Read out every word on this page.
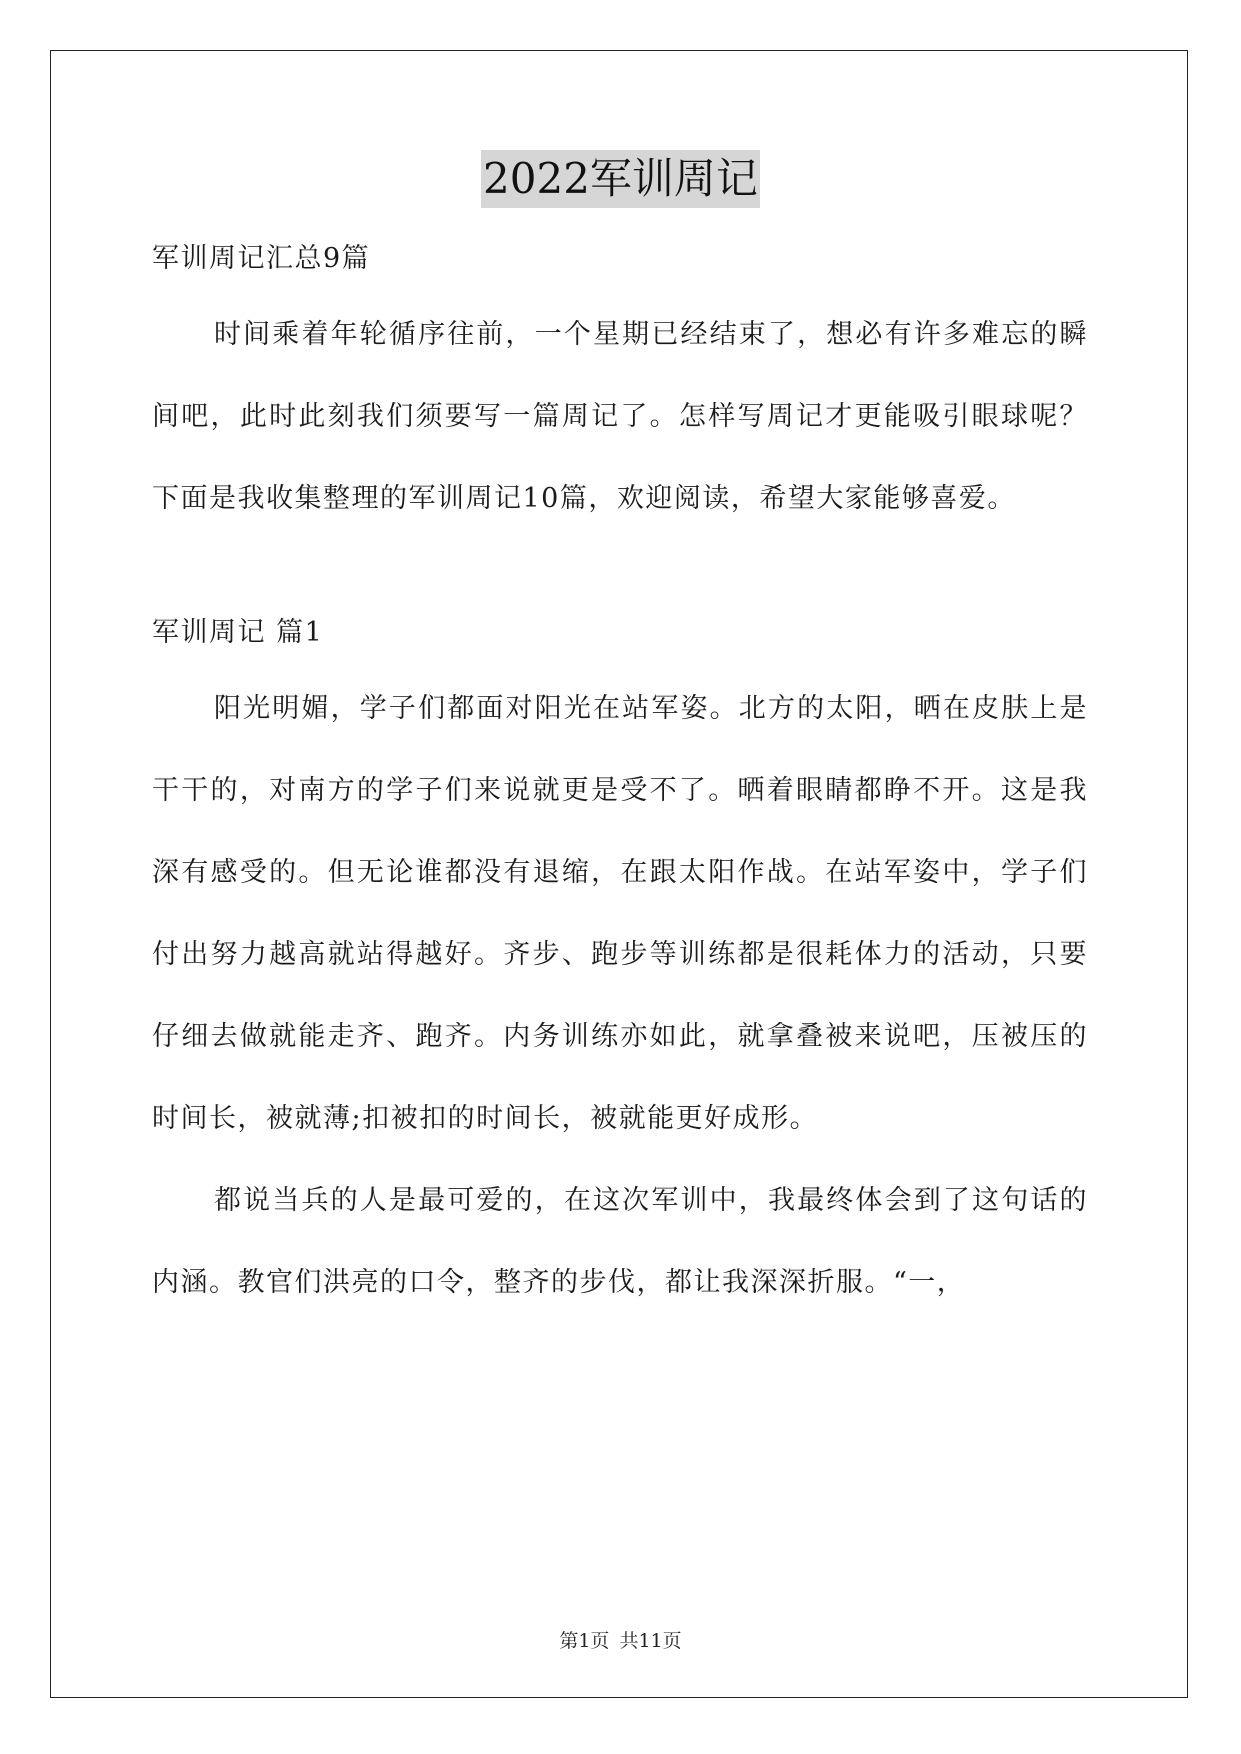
2022军训周记
军训周记汇总9篇

时间乘着年轮循序往前，一个星期已经结束了，想必有许多难忘的瞬间吧，此时此刻我们须要写一篇周记了。怎样写周记才更能吸引眼球呢？下面是我收集整理的军训周记10篇，欢迎阅读，希望大家能够喜爱。

军训周记 篇1

阳光明媚，学子们都面对阳光在站军姿。北方的太阳，晒在皮肤上是干干的，对南方的学子们来说就更是受不了。晒着眼睛都睁不开。这是我深有感受的。但无论谁都没有退缩，在跟太阳作战。在站军姿中，学子们付出努力越高就站得越好。齐步、跑步等训练都是很耗体力的活动，只要仔细去做就能走齐、跑齐。内务训练亦如此，就拿叠被来说吧，压被压的时间长，被就薄;扣被扣的时间长，被就能更好成形。

都说当兵的人是最可爱的，在这次军训中，我最终体会到了这句话的内涵。教官们洪亮的口令，整齐的步伐，都让我深深折服。“一，

第1页 共11页
